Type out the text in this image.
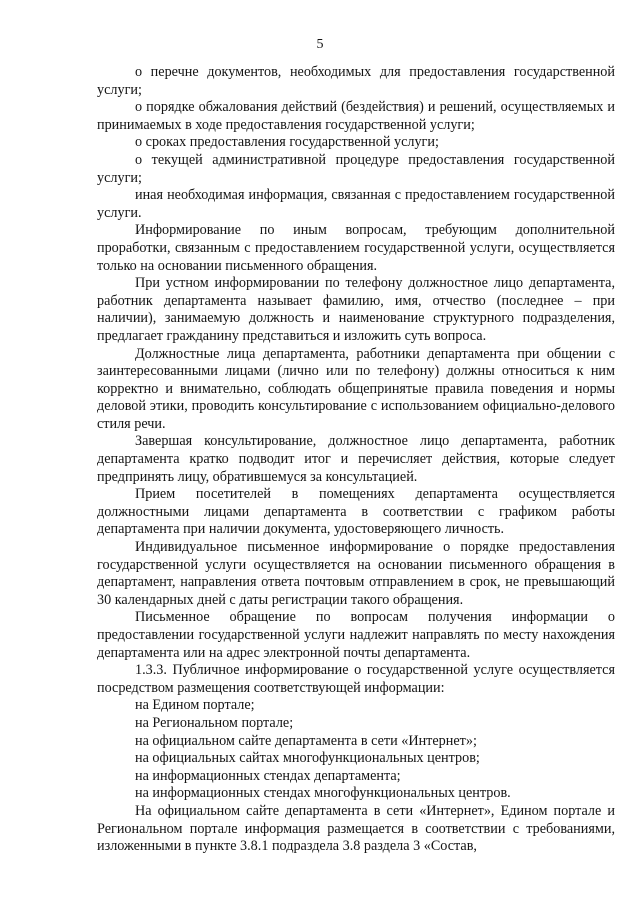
5

о перечне документов, необходимых для предоставления государственной услуги;

о порядке обжалования действий (бездействия) и решений, осуществляемых и принимаемых в ходе предоставления государственной услуги;

о сроках предоставления государственной услуги;

о текущей административной процедуре предоставления государственной услуги;

иная необходимая информация, связанная с предоставлением государственной услуги.

Информирование по иным вопросам, требующим дополнительной проработки, связанным с предоставлением государственной услуги, осуществляется только на основании письменного обращения.

При устном информировании по телефону должностное лицо департамента, работник департамента называет фамилию, имя, отчество (последнее – при наличии), занимаемую должность и наименование структурного подразделения, предлагает гражданину представиться и изложить суть вопроса.

Должностные лица департамента, работники департамента при общении с заинтересованными лицами (лично или по телефону) должны относиться к ним корректно и внимательно, соблюдать общепринятые правила поведения и нормы деловой этики, проводить консультирование с использованием официально-делового стиля речи.

Завершая консультирование, должностное лицо департамента, работник департамента кратко подводит итог и перечисляет действия, которые следует предпринять лицу, обратившемуся за консультацией.

Прием посетителей в помещениях департамента осуществляется должностными лицами департамента в соответствии с графиком работы департамента при наличии документа, удостоверяющего личность.

Индивидуальное письменное информирование о порядке предоставления государственной услуги осуществляется на основании письменного обращения в департамент, направления ответа почтовым отправлением в срок, не превышающий 30 календарных дней с даты регистрации такого обращения.

Письменное обращение по вопросам получения информации о предоставлении государственной услуги надлежит направлять по месту нахождения департамента или на адрес электронной почты департамента.

1.3.3. Публичное информирование о государственной услуге осуществляется посредством размещения соответствующей информации:

на Едином портале;

на Региональном портале;

на официальном сайте департамента в сети «Интернет»;

на официальных сайтах многофункциональных центров;

на информационных стендах департамента;

на информационных стендах многофункциональных центров.

На официальном сайте департамента в сети «Интернет», Едином портале и Региональном портале информация размещается в соответствии с требованиями, изложенными в пункте 3.8.1 подраздела 3.8 раздела 3 «Состав,
